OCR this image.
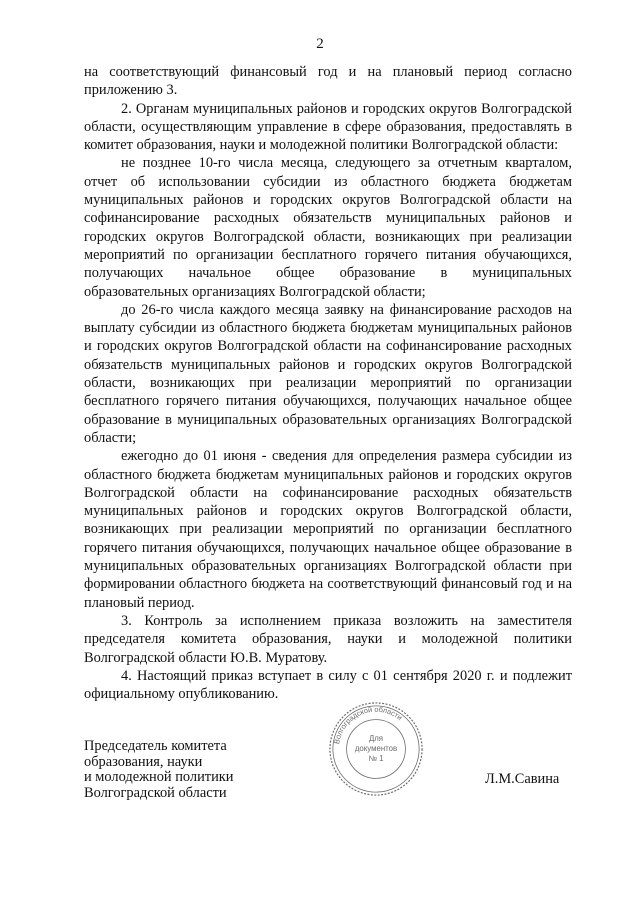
2

на соответствующий финансовый год и на плановый период согласно приложению 3.

2. Органам муниципальных районов и городских округов Волгоградской области, осуществляющим управление в сфере образования, предоставлять в комитет образования, науки и молодежной политики Волгоградской области:

не позднее 10-го числа месяца, следующего за отчетным кварталом, отчет об использовании субсидии из областного бюджета бюджетам муниципальных районов и городских округов Волгоградской области на софинансирование расходных обязательств муниципальных районов и городских округов Волгоградской области, возникающих при реализации мероприятий по организации бесплатного горячего питания обучающихся, получающих начальное общее образование в муниципальных образовательных организациях Волгоградской области;

до 26-го числа каждого месяца заявку на финансирование расходов на выплату субсидии из областного бюджета бюджетам муниципальных районов и городских округов Волгоградской области на софинансирование расходных обязательств муниципальных районов и городских округов Волгоградской области, возникающих при реализации мероприятий по организации бесплатного горячего питания обучающихся, получающих начальное общее образование в муниципальных образовательных организациях Волгоградской области;

ежегодно до 01 июня - сведения для определения размера субсидии из областного бюджета бюджетам муниципальных районов и городских округов Волгоградской области на софинансирование расходных обязательств муниципальных районов и городских округов Волгоградской области, возникающих при реализации мероприятий по организации бесплатного горячего питания обучающихся, получающих начальное общее образование в муниципальных образовательных организациях Волгоградской области при формировании областного бюджета на соответствующий финансовый год и на плановый период.

3. Контроль за исполнением приказа возложить на заместителя председателя комитета образования, науки и молодежной политики Волгоградской области Ю.В. Муратову.

4. Настоящий приказ вступает в силу с 01 сентября 2020 г. и подлежит официальному опубликованию.

Волгоградской области
Для
документов
№ 1
Председатель комитета
образования, науки
и молодежной политики
Волгоградской области
Л.М.Савина
